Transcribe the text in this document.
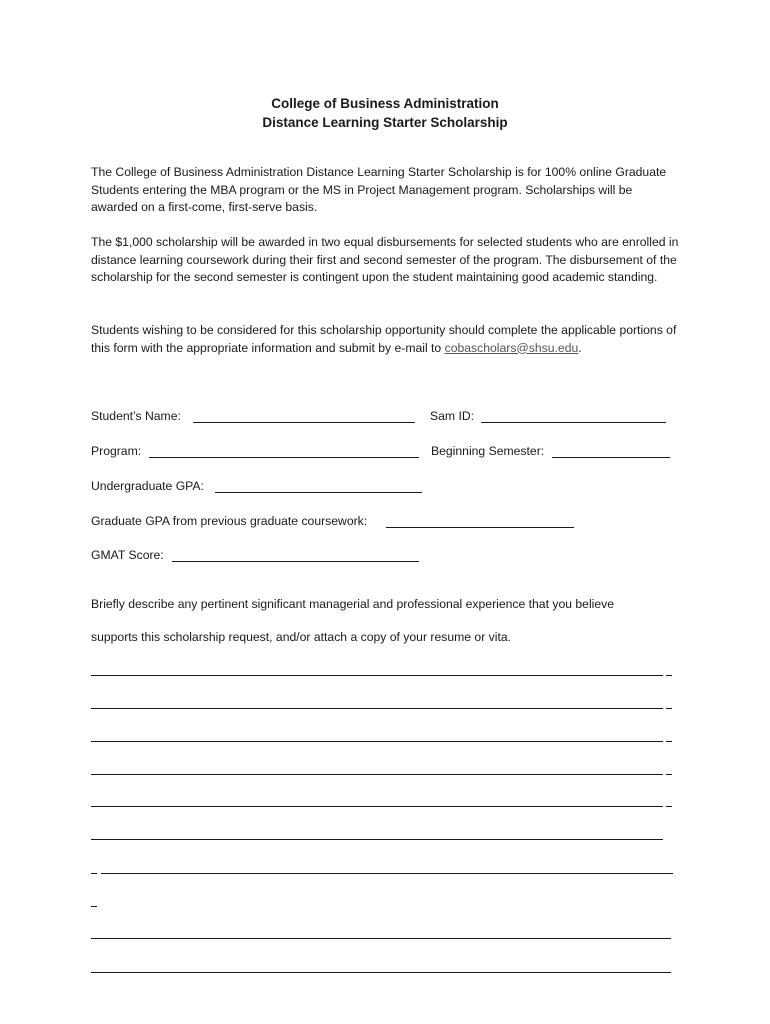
College of Business Administration
Distance Learning Starter Scholarship

The College of Business Administration Distance Learning Starter Scholarship is for 100% online Graduate Students entering the MBA program or the MS in Project Management program. Scholarships will be awarded on a first-come, first-serve basis.

The $1,000 scholarship will be awarded in two equal disbursements for selected students who are enrolled in distance learning coursework during their first and second semester of the program. The disbursement of the scholarship for the second semester is contingent upon the student maintaining good academic standing.

Students wishing to be considered for this scholarship opportunity should complete the applicable portions of this form with the appropriate information and submit by e-mail to cobascholars@shsu.edu.

Student’s Name:	Sam ID:
Program:	Beginning Semester:
Undergraduate GPA:
Graduate GPA from previous graduate coursework:
GMAT Score:
Briefly describe any pertinent significant managerial and professional experience that you believe
supports this scholarship request, and/or attach a copy of your resume or vita.
